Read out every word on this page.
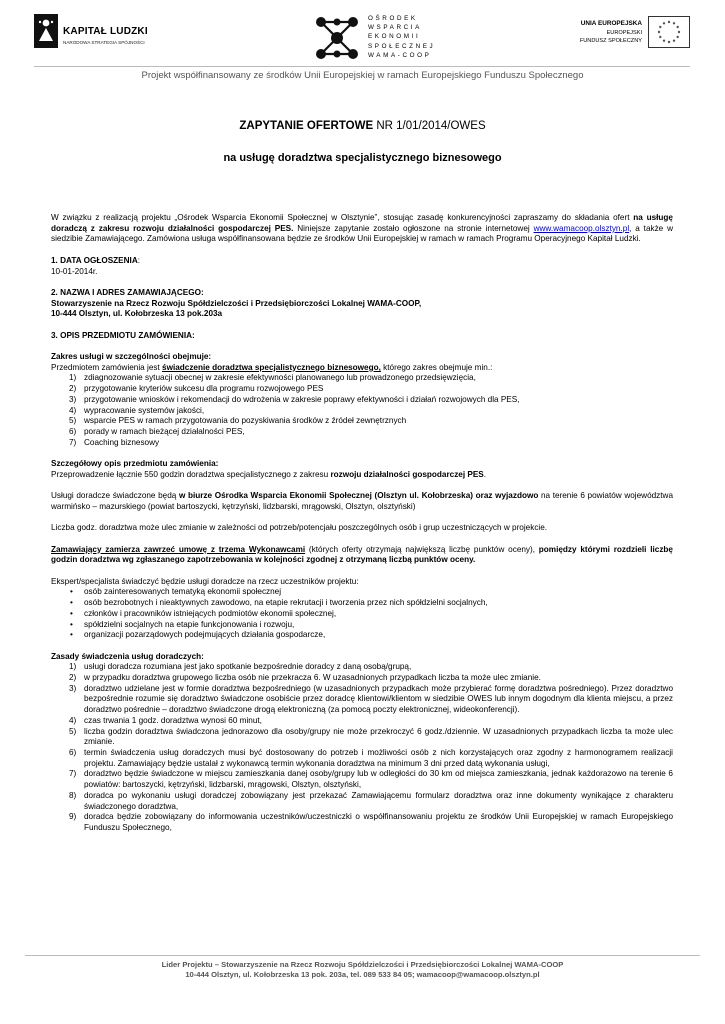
KAPITAŁ LUDZKI
NARODOWA STRATEGIA SPÓJNOŚCI
OŚRODEK
WSPARCIA
EKONOMII
SPOŁECZNEJ
WAMA-COOP
UNIA EUROPEJSKA
EUROPEJSKI
FUNDUSZ SPOŁECZNY
Projekt współfinansowany ze środków Unii Europejskiej w ramach Europejskiego Funduszu Społecznego
ZAPYTANIE OFERTOWE NR 1/01/2014/OWES
na usługę doradztwa specjalistycznego biznesowego

W związku z realizacją projektu „Ośrodek Wsparcia Ekonomii Społecznej w Olsztynie”, stosując zasadę konkurencyjności zapraszamy do składania ofert na usługę doradczą z zakresu rozwoju działalności gospodarczej PES. Niniejsze zapytanie zostało ogłoszone na stronie internetowej www.wamacoop.olsztyn.pl, a także w siedzibie Zamawiającego. Zamówiona usługa współfinansowana będzie ze środków Unii Europejskiej w ramach w ramach Programu Operacyjnego Kapitał Ludzki.

1. DATA OGŁOSZENIA:

10-01-2014r.

2. NAZWA I ADRES ZAMAWIAJĄCEGO:

Stowarzyszenie na Rzecz Rozwoju Spółdzielczości i Przedsiębiorczości Lokalnej WAMA-COOP,

10-444 Olsztyn, ul. Kołobrzeska 13 pok.203a

3. OPIS PRZEDMIOTU ZAMÓWIENIA:

Zakres usługi w szczególności obejmuje:

Przedmiotem zamówienia jest świadczenie doradztwa specjalistycznego biznesowego, którego zakres obejmuje min.:

1) zdiagnozowanie sytuacji obecnej w zakresie efektywności planowanego lub prowadzonego przedsięwzięcia,
2) przygotowanie kryteriów sukcesu dla programu rozwojowego PES
3) przygotowanie wniosków i rekomendacji do wdrożenia w zakresie poprawy efektywności i działań rozwojowych dla PES,
4) wypracowanie systemów jakości,
5) wsparcie PES w ramach przygotowania do pozyskiwania środków z źródeł zewnętrznych
6) porady w ramach bieżącej działalności PES,
7) Coaching biznesowy

Szczegółowy opis przedmiotu zamówienia:

Przeprowadzenie łącznie 550 godzin doradztwa specjalistycznego z zakresu rozwoju działalności gospodarczej PES.

Usługi doradcze świadczone będą w biurze Ośrodka Wsparcia Ekonomii Społecznej (Olsztyn ul. Kołobrzeska) oraz wyjazdowo na terenie 6 powiatów województwa warmińsko – mazurskiego (powiat bartoszycki, kętrzyński, lidzbarski, mrągowski, Olsztyn, olsztyński)

Liczba godz. doradztwa może ulec zmianie w zależności od potrzeb/potencjału poszczególnych osób i grup uczestniczących w projekcie.

Zamawiający zamierza zawrzeć umowę z trzema Wykonawcami (których oferty otrzymają największą liczbę punktów oceny), pomiędzy którymi rozdzieli liczbę godzin doradztwa wg zgłaszanego zapotrzebowania w kolejności zgodnej z otrzymaną liczbą punktów oceny.

Ekspert/specjalista świadczyć będzie usługi doradcze na rzecz uczestników projektu:

• osób zainteresowanych tematyką ekonomii społecznej
• osób bezrobotnych i nieaktywnych zawodowo, na etapie rekrutacji i tworzenia przez nich spółdzielni socjalnych,
• członków i pracowników istniejących podmiotów ekonomii społecznej,
• spółdzielni socjalnych na etapie funkcjonowania i rozwoju,
• organizacji pozarządowych podejmujących działania gospodarcze,

Zasady świadczenia usług doradczych:

1) usługi doradcza rozumiana jest jako spotkanie bezpośrednie doradcy z daną osobą/grupą,
2) w przypadku doradztwa grupowego liczba osób nie przekracza 6. W uzasadnionych przypadkach liczba ta może ulec zmianie.
3) doradztwo udzielane jest w formie doradztwa bezpośredniego (w uzasadnionych przypadkach może przybierać formę doradztwa pośredniego). Przez doradztwo bezpośrednie rozumie się doradztwo świadczone osobiście przez doradcę klientowi/klientom w siedzibie OWES lub innym dogodnym dla klienta miejscu, a przez doradztwo pośrednie – doradztwo świadczone drogą elektroniczną (za pomocą poczty elektronicznej, wideokonferencji).
4) czas trwania 1 godz. doradztwa wynosi 60 minut,
5) liczba godzin doradztwa świadczona jednorazowo dla osoby/grupy nie może przekroczyć 6 godz./dziennie. W uzasadnionych przypadkach liczba ta może ulec zmianie.
6) termin świadczenia usług doradczych musi być dostosowany do potrzeb i możliwości osób z nich korzystających oraz zgodny z harmonogramem realizacji projektu. Zamawiający będzie ustalał z wykonawcą termin wykonania doradztwa na minimum 3 dni przed datą wykonania usługi,
7) doradztwo będzie świadczone w miejscu zamieszkania danej osoby/grupy lub w odległości do 30 km od miejsca zamieszkania, jednak każdorazowo na terenie 6 powiatów: bartoszycki, kętrzyński, lidzbarski, mrągowski, Olsztyn, olsztyński,
8) doradca po wykonaniu usługi doradczej zobowiązany jest przekazać Zamawiającemu formularz doradztwa oraz inne dokumenty wynikające z charakteru świadczonego doradztwa,
9) doradca będzie zobowiązany do informowania uczestników/uczestniczki o współfinansowaniu projektu ze środków Unii Europejskiej w ramach Europejskiego Funduszu Społecznego,
Lider Projektu – Stowarzyszenie na Rzecz Rozwoju Spółdzielczości i Przedsiębiorczości Lokalnej WAMA-COOP
10-444 Olsztyn, ul. Kołobrzeska 13 pok. 203a, tel. 089 533 84 05; wamacoop@wamacoop.olsztyn.pl
